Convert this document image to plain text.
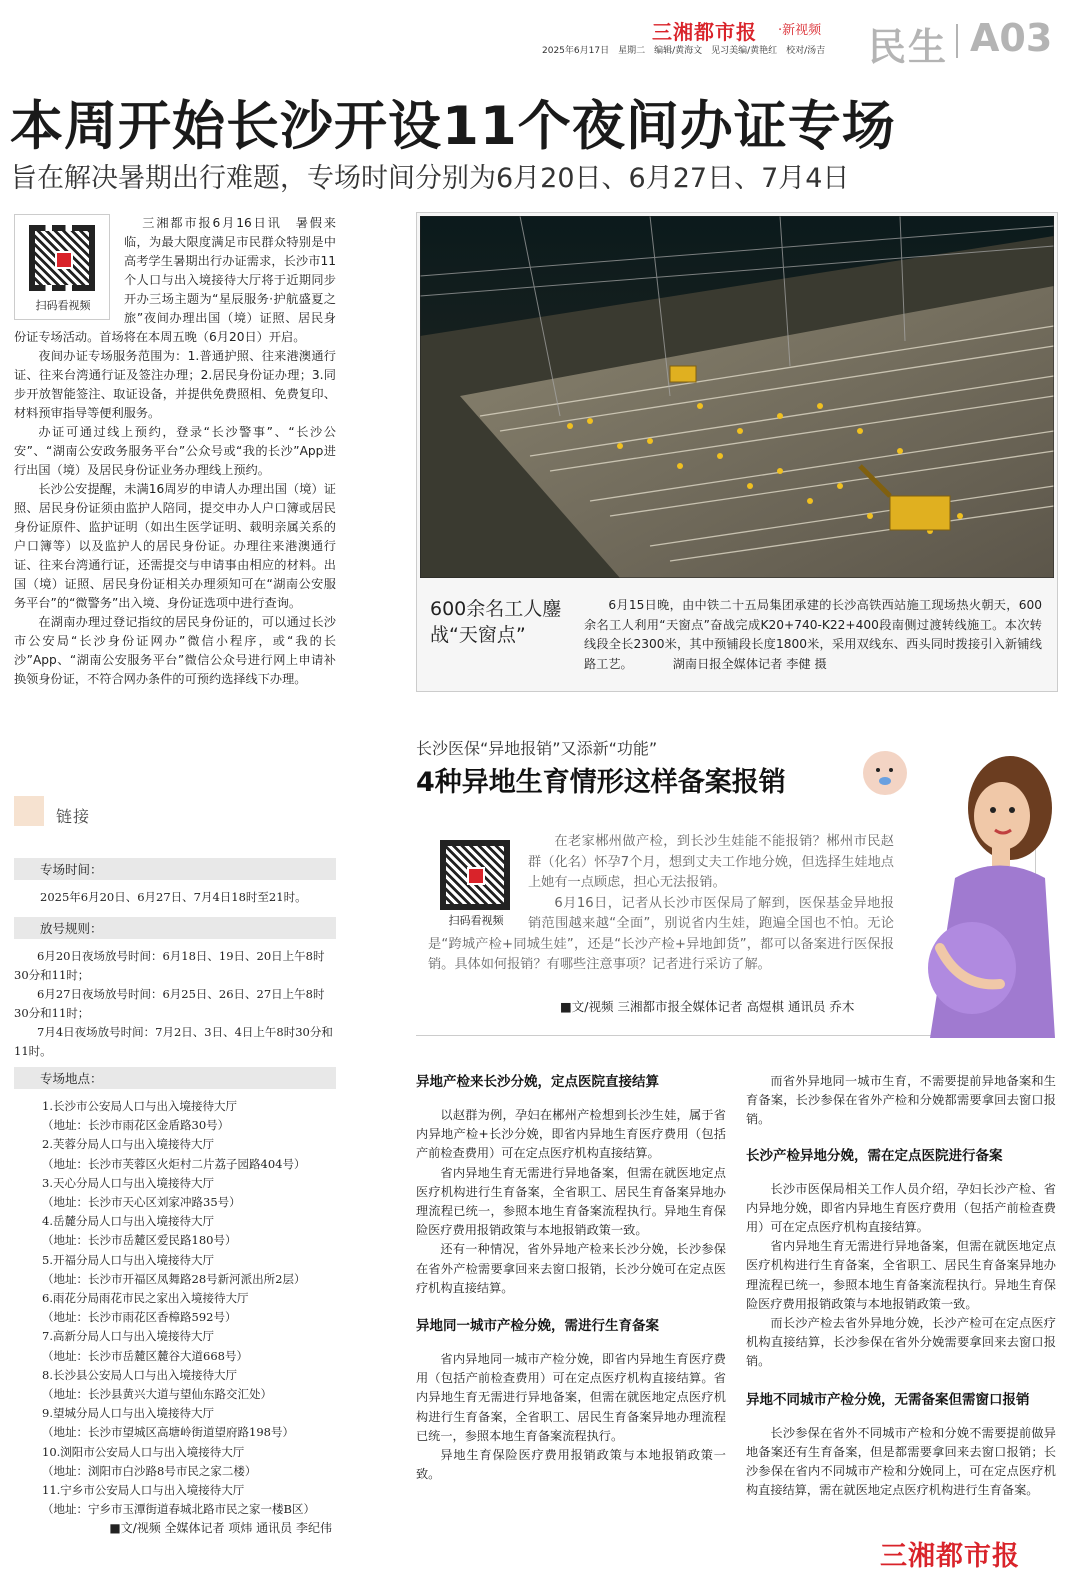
三湘都市报 ·新视频
2025年6月17日　星期二　编辑/黄海文　见习美编/黄艳红　校对/汤吉 民生 A03
本周开始长沙开设11个夜间办证专场
旨在解决暑期出行难题，专场时间分别为6月20日、6月27日、7月4日

三湘都市报6月16日讯　暑假来临，为最大限度满足市民群众特别是中高考学生暑期出行办证需求，长沙市11个人口与出入境接待大厅将于近期同步开办三场主题为“星辰服务·护航盛夏之旅”夜间办理出国（境）证照、居民身份证专场活动。首场将在本周五晚（6月20日）开启。

夜间办证专场服务范围为：1.普通护照、往来港澳通行证、往来台湾通行证及签注办理；2.居民身份证办理；3.同步开放智能签注、取证设备，并提供免费照相、免费复印、材料预审指导等便利服务。

办证可通过线上预约，登录“长沙警事”、“长沙公安”、“湖南公安政务服务平台”公众号或“我的长沙”App进行出国（境）及居民身份证业务办理线上预约。

长沙公安提醒，未满16周岁的申请人办理出国（境）证照、居民身份证须由监护人陪同，提交申办人户口簿或居民身份证原件、监护证明（如出生医学证明、载明亲属关系的户口簿等）以及监护人的居民身份证。办理往来港澳通行证、往来台湾通行证，还需提交与申请事由相应的材料。出国（境）证照、居民身份证相关办理须知可在“湖南公安服务平台”的“微警务”出入境、身份证选项中进行查询。

在湖南办理过登记指纹的居民身份证的，可以通过长沙市公安局“长沙身份证网办”微信小程序，或“我的长沙”App、“湖南公安服务平台”微信公众号进行网上申请补换领身份证，不符合网办条件的可预约选择线下办理。

扫码看视频
链接
专场时间：
2025年6月20日、6月27日、7月4日18时至21时。
放号规则：
6月20日夜场放号时间：6月18日、19日、20日上午8时30分和11时；
6月27日夜场放号时间：6月25日、26日、27日上午8时30分和11时；
7月4日夜场放号时间：7月2日、3日、4日上午8时30分和11时。
专场地点：
1.长沙市公安局人口与出入境接待大厅
（地址：长沙市雨花区金盾路30号）
2.芙蓉分局人口与出入境接待大厅
（地址：长沙市芙蓉区火炬村二片荔子园路404号）
3.天心分局人口与出入境接待大厅
（地址：长沙市天心区刘家冲路35号）
4.岳麓分局人口与出入境接待大厅
（地址：长沙市岳麓区爱民路180号）
5.开福分局人口与出入境接待大厅
（地址：长沙市开福区凤舞路28号新河派出所2层）
6.雨花分局雨花市民之家出入境接待大厅
（地址：长沙市雨花区香樟路592号）
7.高新分局人口与出入境接待大厅
（地址：长沙市岳麓区麓谷大道668号）
8.长沙县公安局人口与出入境接待大厅
（地址：长沙县黄兴大道与望仙东路交汇处）
9.望城分局人口与出入境接待大厅
（地址：长沙市望城区高塘岭街道望府路198号）
10.浏阳市公安局人口与出入境接待大厅
（地址：浏阳市白沙路8号市民之家二楼）
11.宁乡市公安局人口与出入境接待大厅
（地址：宁乡市玉潭街道春城北路市民之家一楼B区）
■文/视频 全媒体记者 项炜 通讯员 李纪伟
600余名工人鏖战“天窗点”
6月15日晚，由中铁二十五局集团承建的长沙高铁西站施工现场热火朝天，600余名工人利用“天窗点”奋战完成K20+740-K22+400段南侧过渡转线施工。本次转线段全长2300米，其中预铺段长度1800米，采用双线东、西头同时拨接引入新铺线路工艺。	湖南日报全媒体记者 李健 摄
长沙医保“异地报销”又添新“功能”
4种异地生育情形这样备案报销

在老家郴州做产检，到长沙生娃能不能报销？郴州市民赵群（化名）怀孕7个月，想到丈夫工作地分娩，但选择生娃地点上她有一点顾虑，担心无法报销。

6月16日，记者从长沙市医保局了解到，医保基金异地报销范围越来越“全面”，别说省内生娃，跑遍全国也不怕。无论是“跨城产检+同城生娃”，还是“长沙产检+异地卸货”，都可以备案进行医保报销。具体如何报销？有哪些注意事项？记者进行采访了解。

扫码看视频
■文/视频 三湘都市报全媒体记者 高煜棋 通讯员 乔木
异地产检来长沙分娩，定点医院直接结算

以赵群为例，孕妇在郴州产检想到长沙生娃，属于省内异地产检+长沙分娩，即省内异地生育医疗费用（包括产前检查费用）可在定点医疗机构直接结算。

省内异地生育无需进行异地备案，但需在就医地定点医疗机构进行生育备案，全省职工、居民生育备案异地办理流程已统一，参照本地生育备案流程执行。异地生育保险医疗费用报销政策与本地报销政策一致。

还有一种情况，省外异地产检来长沙分娩，长沙参保在省外产检需要拿回来去窗口报销，长沙分娩可在定点医疗机构直接结算。

异地同一城市产检分娩，需进行生育备案

省内异地同一城市产检分娩，即省内异地生育医疗费用（包括产前检查费用）可在定点医疗机构直接结算。省内异地生育无需进行异地备案，但需在就医地定点医疗机构进行生育备案，全省职工、居民生育备案异地办理流程已统一，参照本地生育备案流程执行。

异地生育保险医疗费用报销政策与本地报销政策一致。

而省外异地同一城市生育，不需要提前异地备案和生育备案，长沙参保在省外产检和分娩都需要拿回去窗口报销。

长沙产检异地分娩，需在定点医院进行备案

长沙市医保局相关工作人员介绍，孕妇长沙产检、省内异地分娩，即省内异地生育医疗费用（包括产前检查费用）可在定点医疗机构直接结算。

省内异地生育无需进行异地备案，但需在就医地定点医疗机构进行生育备案，全省职工、居民生育备案异地办理流程已统一，参照本地生育备案流程执行。异地生育保险医疗费用报销政策与本地报销政策一致。

而长沙产检去省外异地分娩，长沙产检可在定点医疗机构直接结算，长沙参保在省外分娩需要拿回来去窗口报销。

异地不同城市产检分娩，无需备案但需窗口报销

长沙参保在省外不同城市产检和分娩不需要提前做异地备案还有生育备案，但是都需要拿回来去窗口报销；长沙参保在省内不同城市产检和分娩同上，可在定点医疗机构直接结算，需在就医地定点医疗机构进行生育备案。

三湘都市报
